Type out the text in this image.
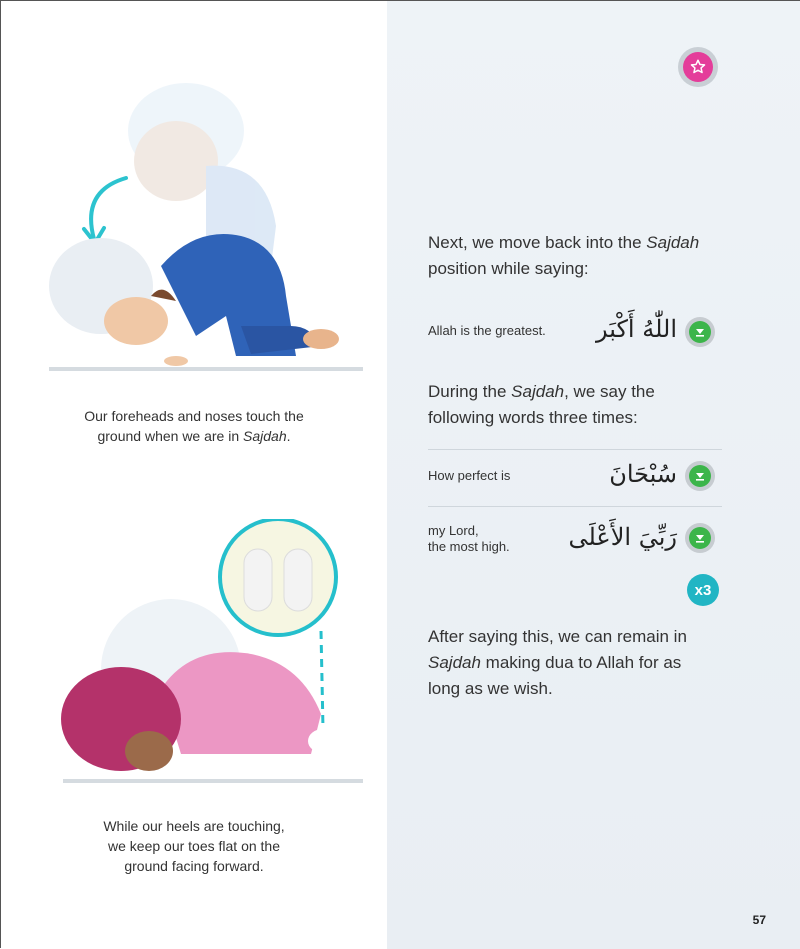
Our foreheads and noses touch the
ground when we are in Sajdah.
While our heels are touching,
we keep our toes flat on the
ground facing forward.
Next, we move back into the Sajdah
position while saying:
Allah is the greatest.	اللّٰهُ أَكْبَر
During the Sajdah, we say the
following words three times:
How perfect is	سُبْحَانَ
my Lord,
the most high.	رَبِّيَ الأَعْلَى
x3
After saying this, we can remain in
Sajdah making dua to Allah for as
long as we wish.
57
